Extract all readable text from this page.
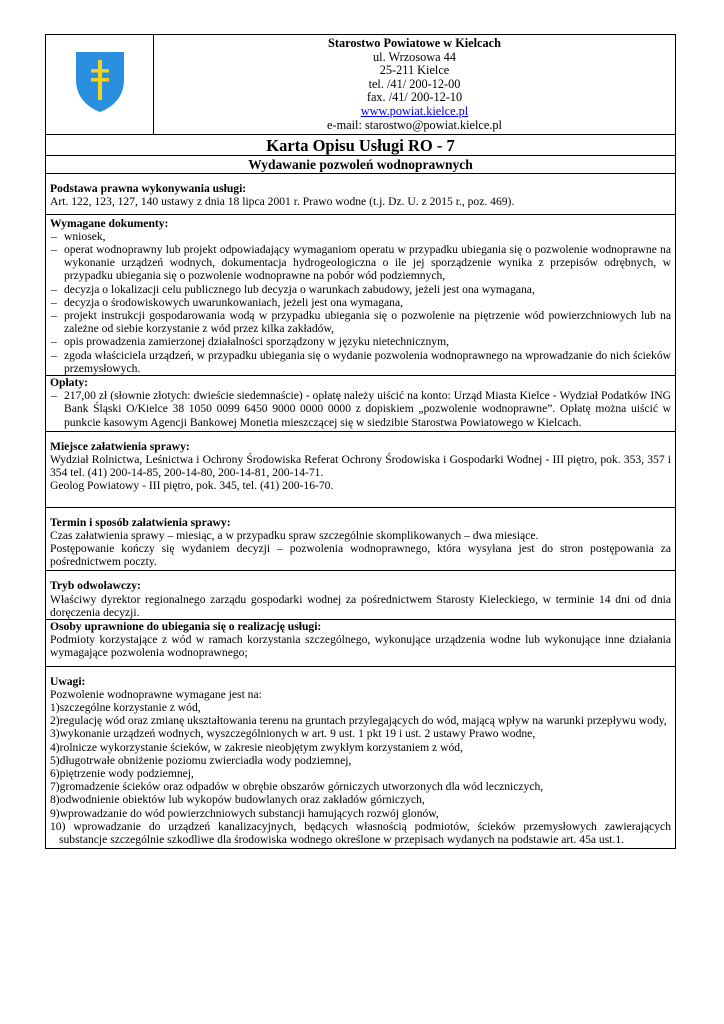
Starostwo Powiatowe w Kielcach
ul. Wrzosowa 44
25-211 Kielce
tel. /41/ 200-12-00
fax. /41/ 200-12-10
www.powiat.kielce.pl
e-mail: starostwo@powiat.kielce.pl

Karta Opisu Usługi RO - 7
Wydawanie pozwoleń wodnoprawnych

Podstawa prawna wykonywania usługi:
Art. 122, 123, 127, 140 ustawy z dnia 18 lipca 2001 r. Prawo wodne (t.j. Dz. U. z 2015 r., poz. 469).

Wymagane dokumenty:
– wniosek,
– operat wodnoprawny lub projekt odpowiadający wymaganiom operatu w przypadku ubiegania się o pozwolenie wodnoprawne na wykonanie urządzeń wodnych, dokumentacja hydrogeologiczna o ile jej sporządzenie wynika z przepisów odrębnych, w przypadku ubiegania się o pozwolenie wodnoprawne na pobór wód podziemnych,
– decyzja o lokalizacji celu publicznego lub decyzja o warunkach zabudowy, jeżeli jest ona wymagana,
– decyzja o środowiskowych uwarunkowaniach, jeżeli jest ona wymagana,
– projekt instrukcji gospodarowania wodą w przypadku ubiegania się o pozwolenie na piętrzenie wód powierzchniowych lub na zależne od siebie korzystanie z wód przez kilka zakładów,
– opis prowadzenia zamierzonej działalności sporządzony w języku nietechnicznym,
– zgoda właściciela urządzeń, w przypadku ubiegania się o wydanie pozwolenia wodnoprawnego na wprowadzanie do nich ścieków przemysłowych.

Opłaty:
– 217,00 zł (słownie złotych: dwieście siedemnaście) - opłatę należy uiścić na konto: Urząd Miasta Kielce - Wydział Podatków ING Bank Śląski O/Kielce 38 1050 0099 6450 9000 0000 0000 z dopiskiem „pozwolenie wodnoprawne”. Opłatę można uiścić w punkcie kasowym Agencji Bankowej Monetia mieszczącej się w siedzibie Starostwa Powiatowego w Kielcach.

Miejsce załatwienia sprawy:
Wydział Rolnictwa, Leśnictwa i Ochrony Środowiska Referat Ochrony Środowiska i Gospodarki Wodnej - III piętro, pok. 353, 357 i 354 tel. (41) 200-14-85, 200-14-80, 200-14-81, 200-14-71.
Geolog Powiatowy - III piętro, pok. 345, tel. (41) 200-16-70.

Termin i sposób załatwienia sprawy:
Czas załatwienia sprawy – miesiąc, a w przypadku spraw szczególnie skomplikowanych – dwa miesiące.
Postępowanie kończy się wydaniem decyzji – pozwolenia wodnoprawnego, która wysyłana jest do stron postępowania za pośrednictwem poczty.

Tryb odwoławczy:
Właściwy dyrektor regionalnego zarządu gospodarki wodnej za pośrednictwem Starosty Kieleckiego, w terminie 14 dni od dnia doręczenia decyzji.

Osoby uprawnione do ubiegania się o realizację usługi:
Podmioty korzystające z wód w ramach korzystania szczególnego, wykonujące urządzenia wodne lub wykonujące inne działania wymagające pozwolenia wodnoprawnego;

Uwagi:
Pozwolenie wodnoprawne wymagane jest na:
1)szczególne korzystanie z wód,
2)regulację wód oraz zmianę ukształtowania terenu na gruntach przylegających do wód, mającą wpływ na warunki przepływu wody,
3)wykonanie urządzeń wodnych, wyszczególnionych w art. 9 ust. 1 pkt 19 i ust. 2 ustawy Prawo wodne,
4)rolnicze wykorzystanie ścieków, w zakresie nieobjętym zwykłym korzystaniem z wód,
5)długotrwałe obniżenie poziomu zwierciadła wody podziemnej,
6)piętrzenie wody podziemnej,
7)gromadzenie ścieków oraz odpadów w obrębie obszarów górniczych utworzonych dla wód leczniczych,
8)odwodnienie obiektów lub wykopów budowlanych oraz zakładów górniczych,
9)wprowadzanie do wód powierzchniowych substancji hamujących rozwój glonów,
10) wprowadzanie do urządzeń kanalizacyjnych, będących własnością podmiotów, ścieków przemysłowych zawierających substancje szczególnie szkodliwe dla środowiska wodnego określone w przepisach wydanych na podstawie art. 45a ust.1.
